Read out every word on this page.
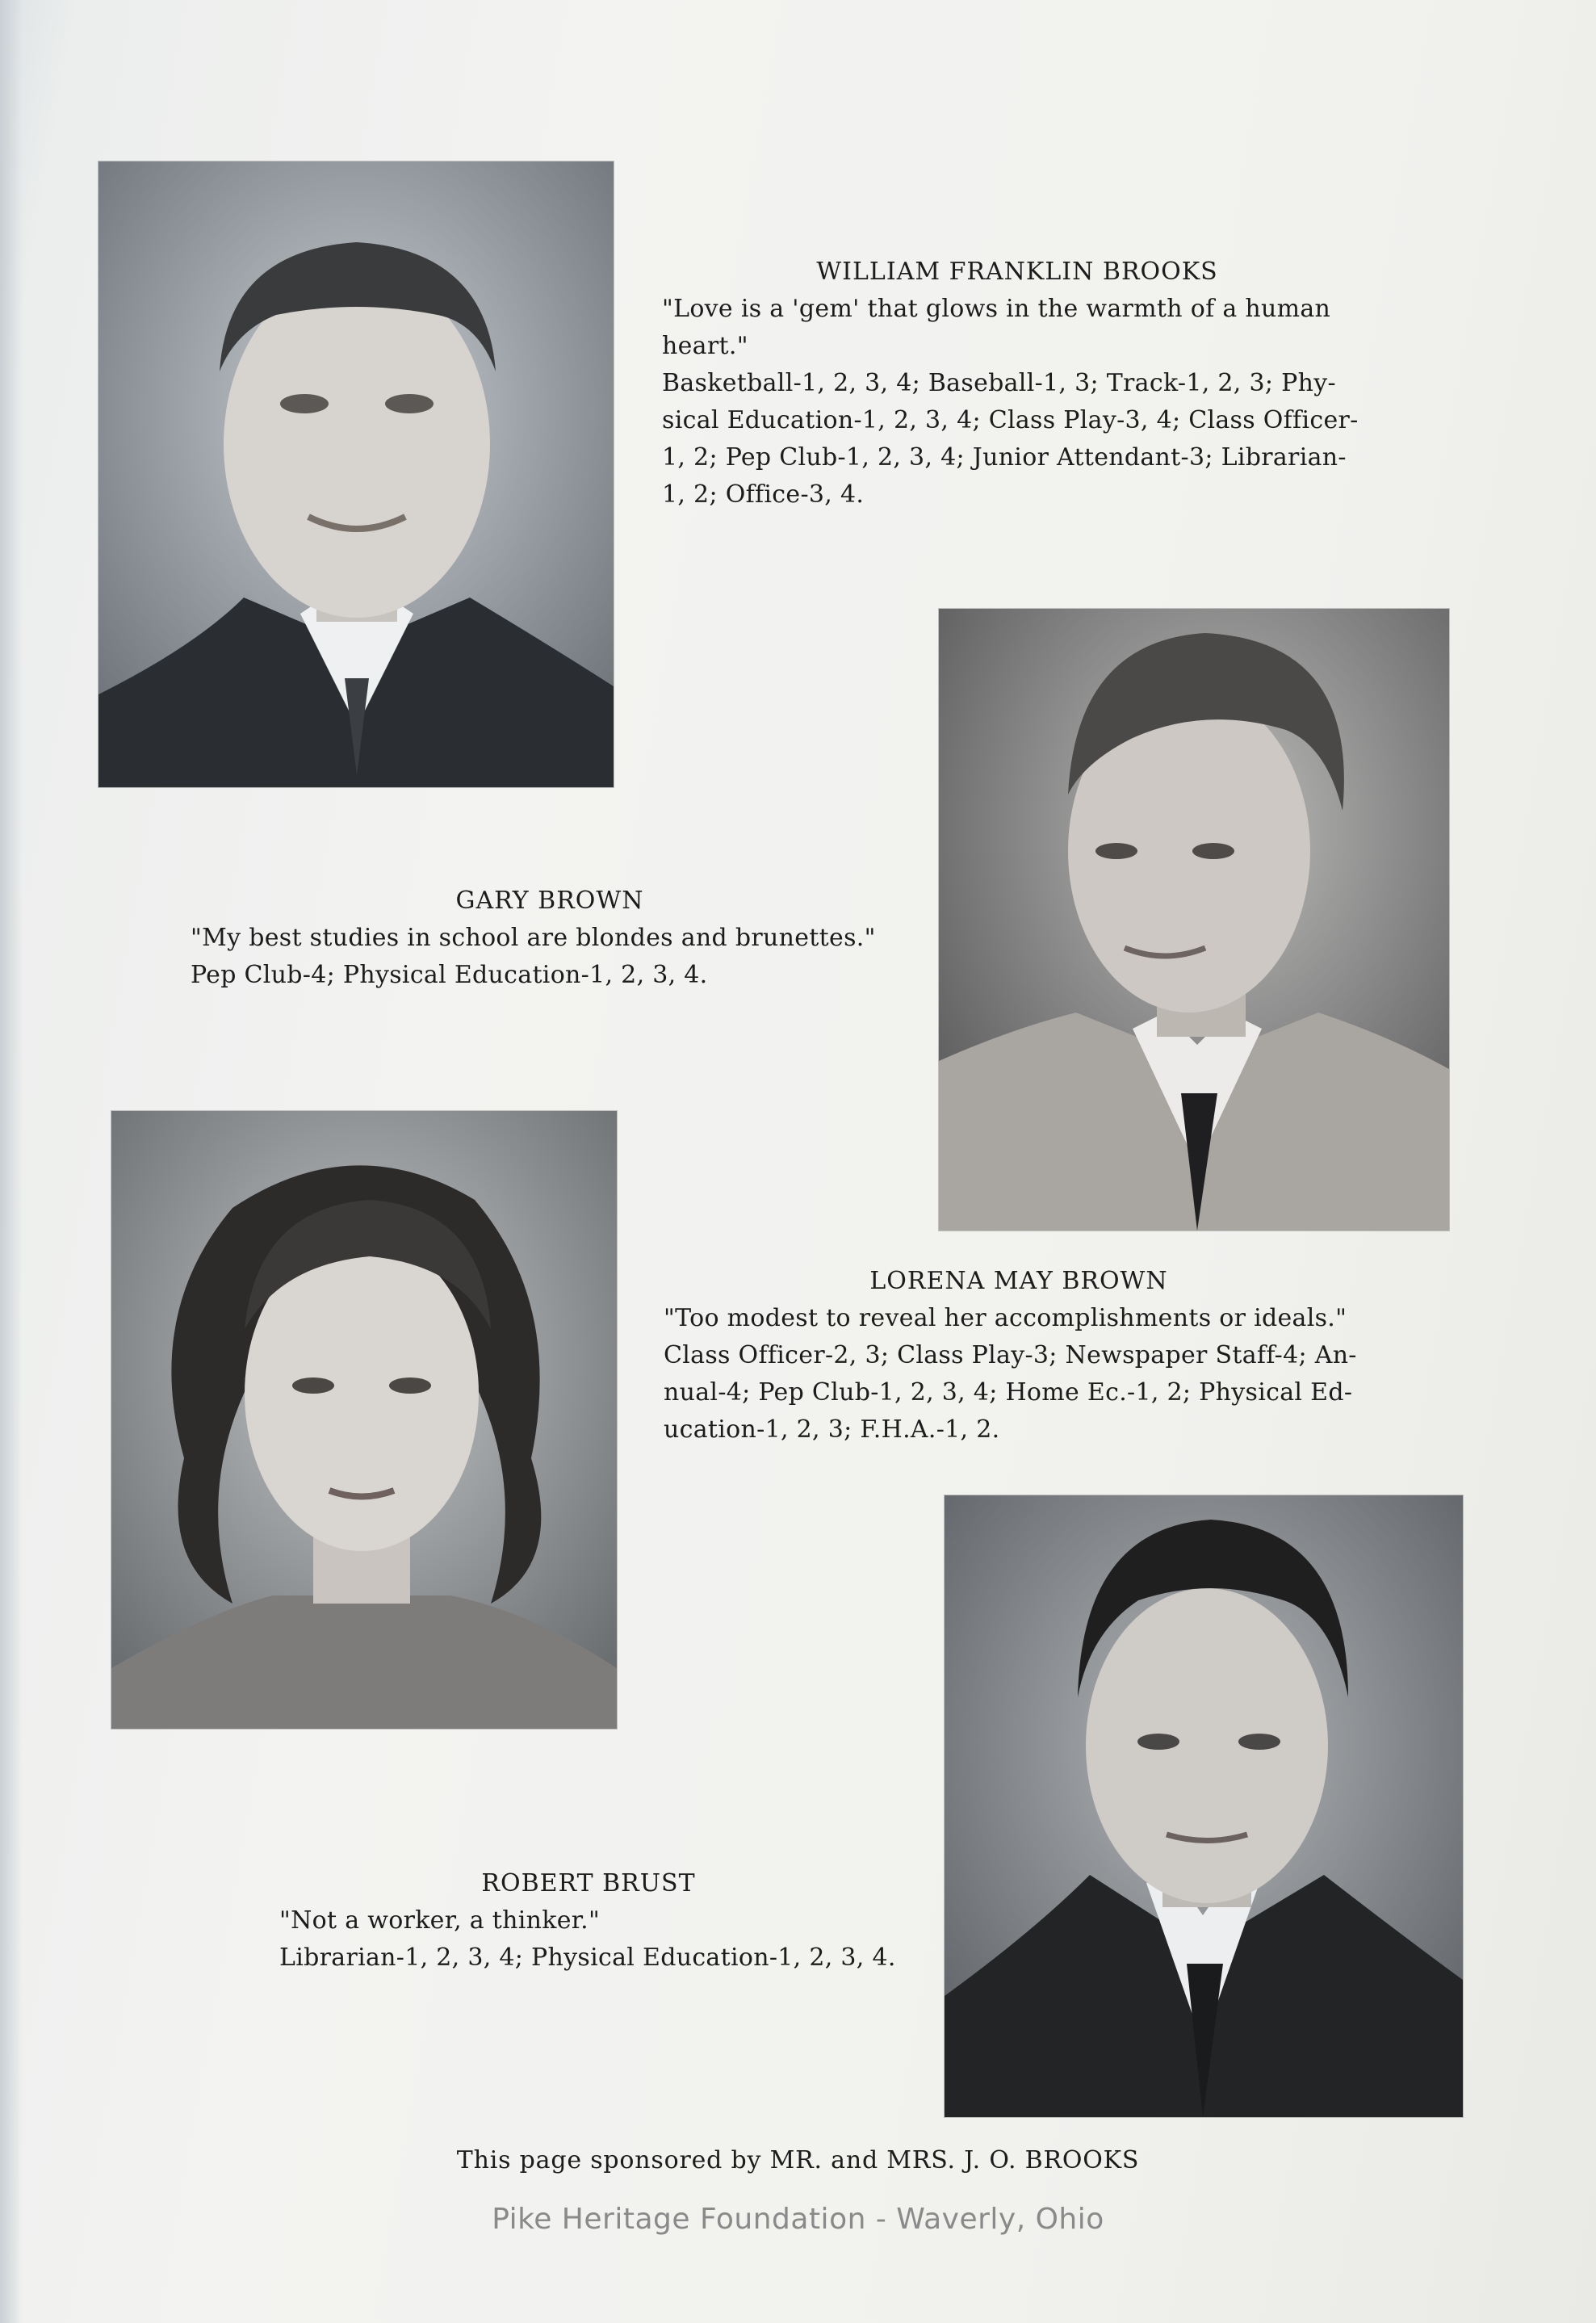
WILLIAM FRANKLIN BROOKS

"Love is a 'gem' that glows in the warmth of a human

heart."

Basketball-1, 2, 3, 4; Baseball-1, 3; Track-1, 2, 3; Phy-

sical Education-1, 2, 3, 4; Class Play-3, 4; Class Officer-

1, 2; Pep Club-1, 2, 3, 4; Junior Attendant-3; Librarian-

1, 2; Office-3, 4.

GARY BROWN

"My best studies in school are blondes and brunettes."

Pep Club-4; Physical Education-1, 2, 3, 4.

LORENA MAY BROWN

"Too modest to reveal her accomplishments or ideals."

Class Officer-2, 3; Class Play-3; Newspaper Staff-4; An-

nual-4; Pep Club-1, 2, 3, 4; Home Ec.-1, 2; Physical Ed-

ucation-1, 2, 3; F.H.A.-1, 2.

ROBERT BRUST

"Not a worker, a thinker."

Librarian-1, 2, 3, 4; Physical Education-1, 2, 3, 4.

This page sponsored by MR. and MRS. J. O. BROOKS
Pike Heritage Foundation - Waverly, Ohio
